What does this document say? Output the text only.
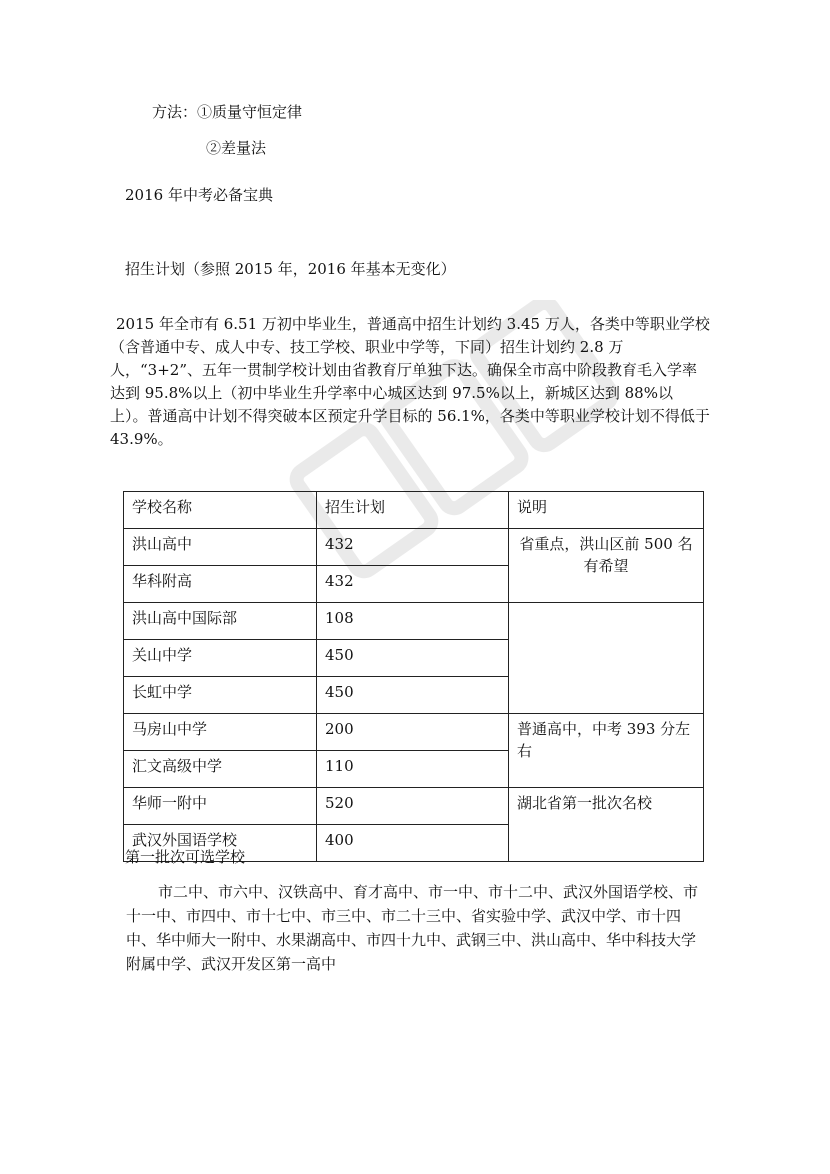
方法：①质量守恒定律
②差量法
2016 年中考必备宝典
招生计划（参照 2015 年，2016 年基本无变化）
2015 年全市有 6.51 万初中毕业生，普通高中招生计划约 3.45 万人，各类中等职业学校（含普通中专、成人中专、技工学校、职业中学等，下同）招生计划约 2.8 万人，“3+2”、五年一贯制学校计划由省教育厅单独下达。确保全市高中阶段教育毛入学率达到 95.8%以上（初中毕业生升学率中心城区达到 97.5%以上，新城区达到 88%以上）。普通高中计划不得突破本区预定升学目标的 56.1%，各类中等职业学校计划不得低于 43.9%。
学校名称	招生计划	说明
洪山高中	432	省重点，洪山区前 500 名有希望
华科附高	432	
洪山高中国际部	108	
关山中学	450	
长虹中学	450	
马房山中学	200	普通高中，中考 393 分左右
汇文高级中学	110	
华师一附中	520	湖北省第一批次名校
武汉外国语学校	400	
第一批次可选学校
市二中、市六中、汉铁高中、育才高中、市一中、市十二中、武汉外国语学校、市十一中、市四中、市十七中、市三中、市二十三中、省实验中学、武汉中学、市十四中、华中师大一附中、水果湖高中、市四十九中、武钢三中、洪山高中、华中科技大学附属中学、武汉开发区第一高中
